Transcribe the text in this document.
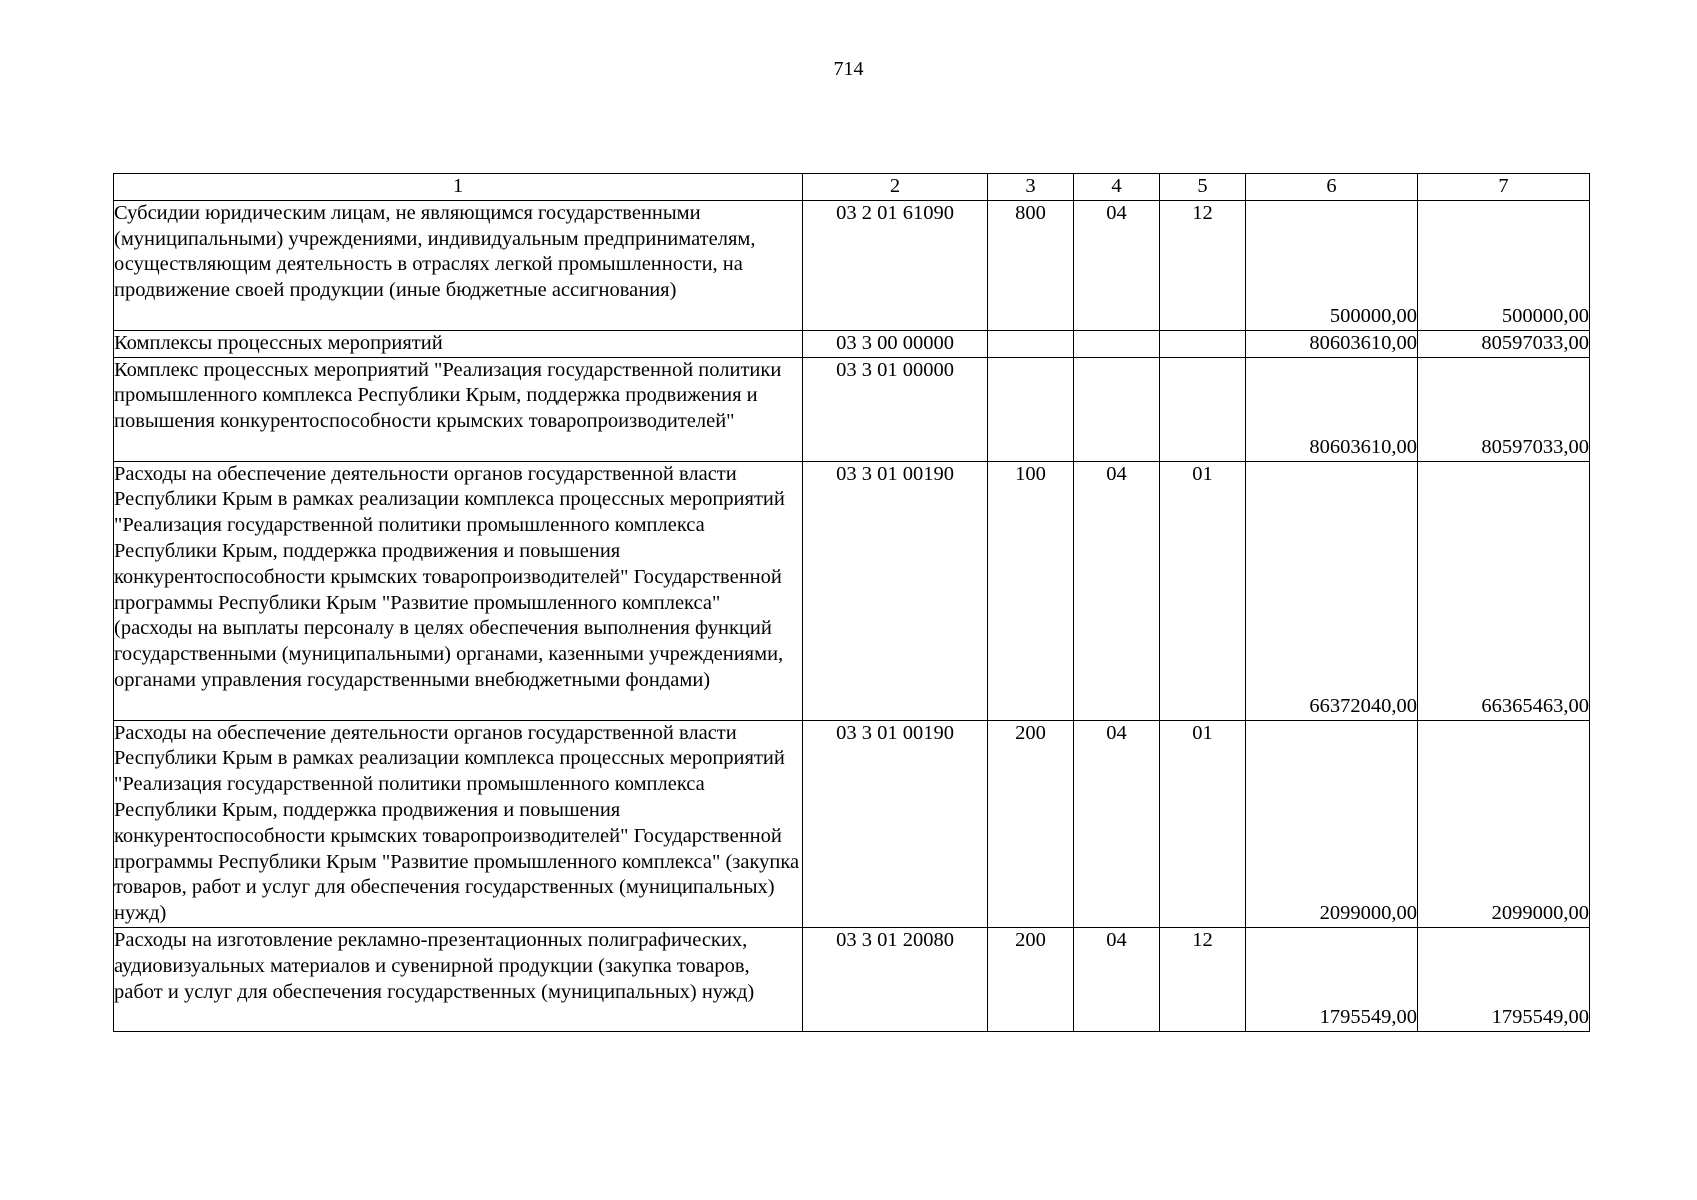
714
1	2	3	4	5	6	7
Субсидии юридическим лицам, не являющимся государственными (муниципальными) учреждениями, индивидуальным предпринимателям, осуществляющим деятельность в отраслях легкой промышленности, на продвижение своей продукции (иные бюджетные ассигнования)	03 2 01 61090	800	04	12	500000,00	500000,00
Комплексы процессных мероприятий	03 3 00 00000				80603610,00	80597033,00
Комплекс процессных мероприятий "Реализация государственной политики промышленного комплекса Республики Крым, поддержка продвижения и повышения конкурентоспособности крымских товаропроизводителей"	03 3 01 00000				80603610,00	80597033,00
Расходы на обеспечение деятельности органов государственной власти Республики Крым в рамках реализации комплекса процессных мероприятий "Реализация государственной политики промышленного комплекса Республики Крым, поддержка продвижения и повышения конкурентоспособности крымских товаропроизводителей" Государственной программы Республики Крым "Развитие промышленного комплекса" (расходы на выплаты персоналу в целях обеспечения выполнения функций государственными (муниципальными) органами, казенными учреждениями, органами управления государственными внебюджетными фондами)	03 3 01 00190	100	04	01	66372040,00	66365463,00
Расходы на обеспечение деятельности органов государственной власти Республики Крым в рамках реализации комплекса процессных мероприятий "Реализация государственной политики промышленного комплекса Республики Крым, поддержка продвижения и повышения конкурентоспособности крымских товаропроизводителей" Государственной программы Республики Крым "Развитие промышленного комплекса" (закупка товаров, работ и услуг для обеспечения государственных (муниципальных) нужд)	03 3 01 00190	200	04	01	2099000,00	2099000,00
Расходы на изготовление рекламно-презентационных полиграфических, аудиовизуальных материалов и сувенирной продукции (закупка товаров, работ и услуг для обеспечения государственных (муниципальных) нужд)	03 3 01 20080	200	04	12	1795549,00	1795549,00
